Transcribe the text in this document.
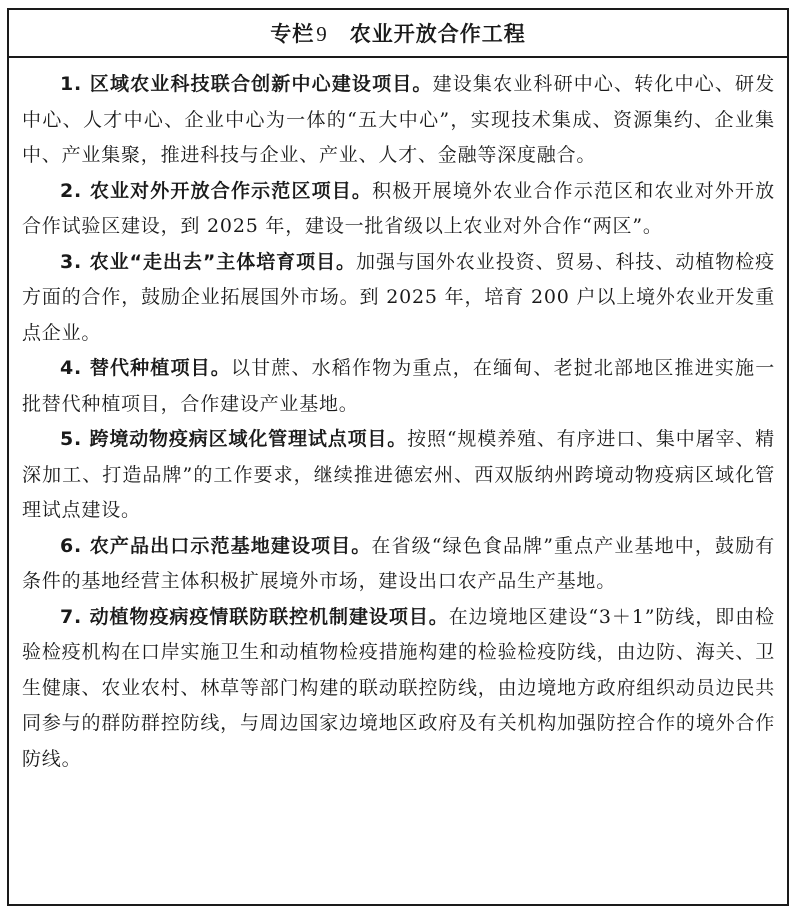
专栏9 农业开放合作工程

1. 区域农业科技联合创新中心建设项目。建设集农业科研中心、转化中心、研发中心、人才中心、企业中心为一体的“五大中心”，实现技术集成、资源集约、企业集中、产业集聚，推进科技与企业、产业、人才、金融等深度融合。

2. 农业对外开放合作示范区项目。积极开展境外农业合作示范区和农业对外开放合作试验区建设，到 2025 年，建设一批省级以上农业对外合作“两区”。

3. 农业“走出去”主体培育项目。加强与国外农业投资、贸易、科技、动植物检疫方面的合作，鼓励企业拓展国外市场。到 2025 年，培育 200 户以上境外农业开发重点企业。

4. 替代种植项目。以甘蔗、水稻作物为重点，在缅甸、老挝北部地区推进实施一批替代种植项目，合作建设产业基地。

5. 跨境动物疫病区域化管理试点项目。按照“规模养殖、有序进口、集中屠宰、精深加工、打造品牌”的工作要求，继续推进德宏州、西双版纳州跨境动物疫病区域化管理试点建设。

6. 农产品出口示范基地建设项目。在省级“绿色食品牌”重点产业基地中，鼓励有条件的基地经营主体积极扩展境外市场，建设出口农产品生产基地。

7. 动植物疫病疫情联防联控机制建设项目。在边境地区建设“3＋1”防线，即由检验检疫机构在口岸实施卫生和动植物检疫措施构建的检验检疫防线，由边防、海关、卫生健康、农业农村、林草等部门构建的联动联控防线，由边境地方政府组织动员边民共同参与的群防群控防线，与周边国家边境地区政府及有关机构加强防控合作的境外合作防线。
